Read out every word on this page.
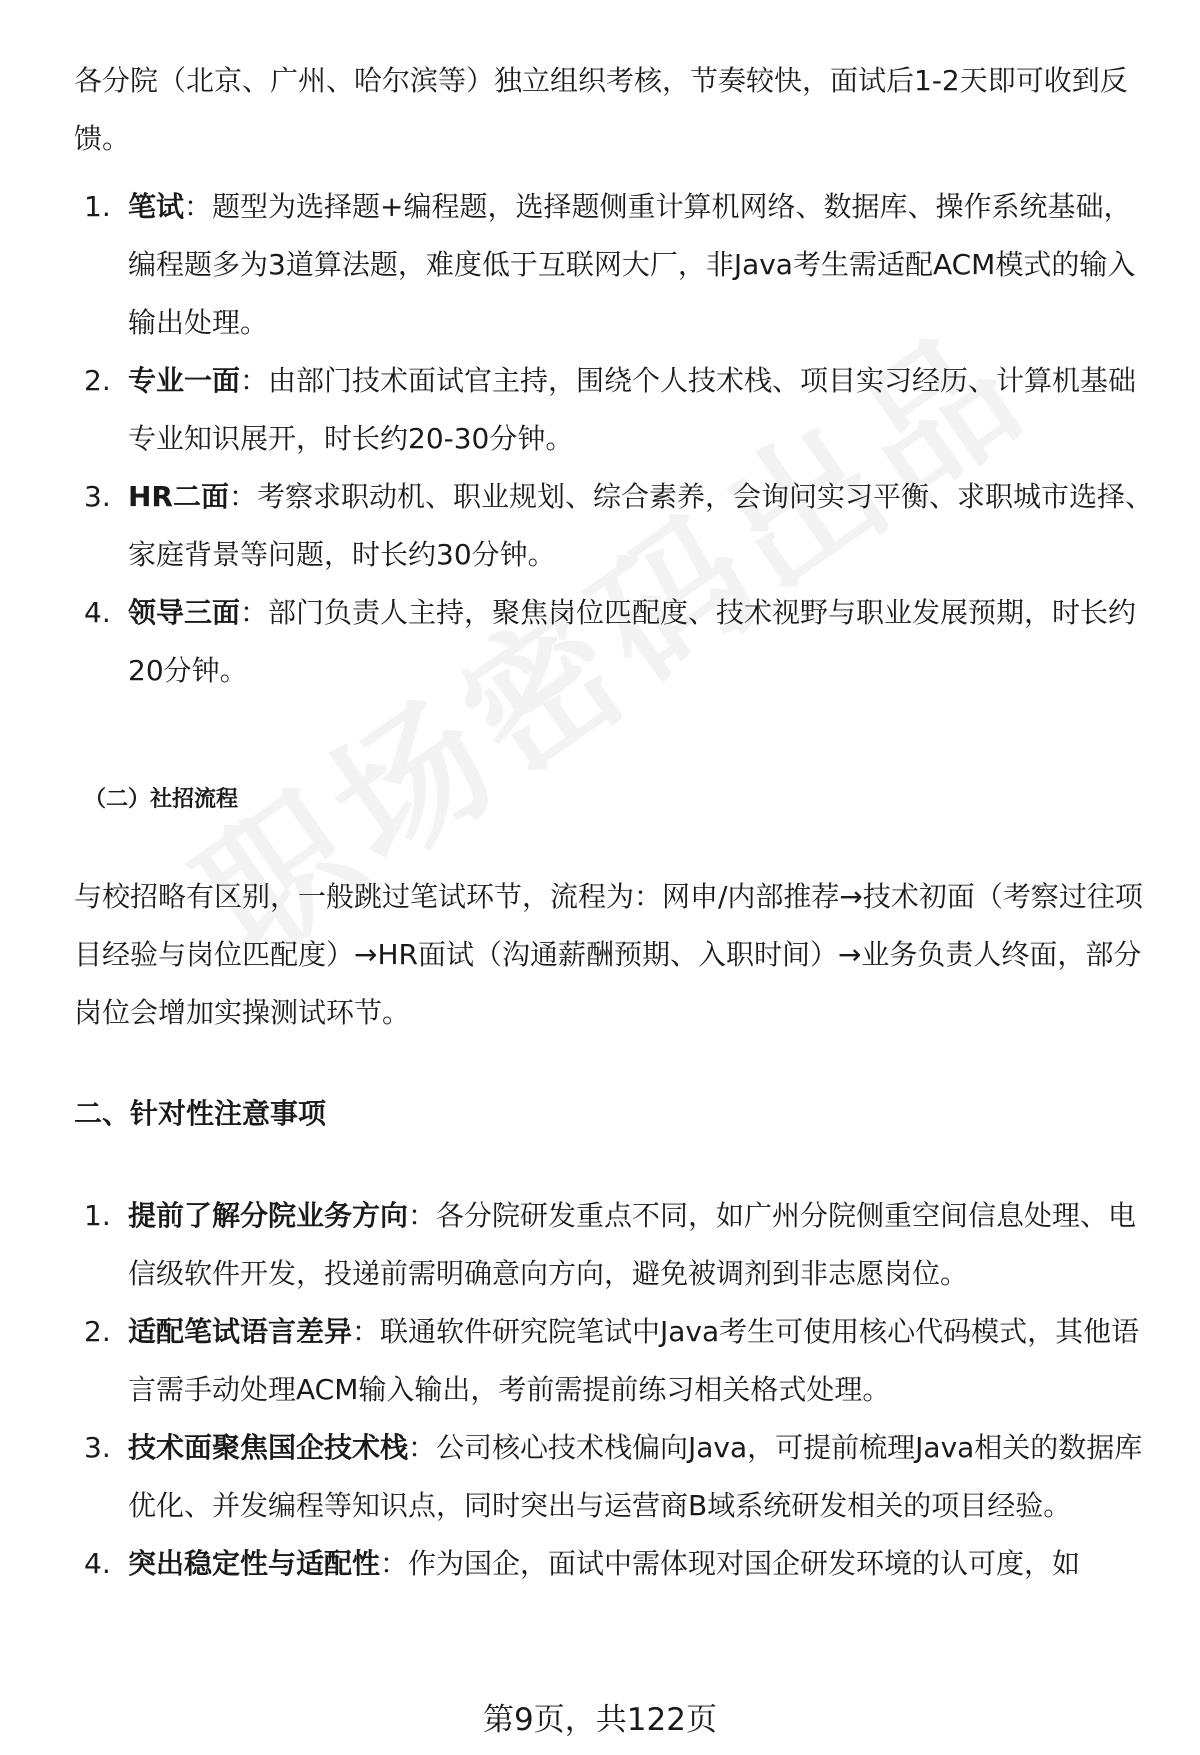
各分院（北京、广州、哈尔滨等）独立组织考核，节奏较快，面试后1-2天即可收到反馈。

1. 笔试：题型为选择题+编程题，选择题侧重计算机网络、数据库、操作系统基础，编程题多为3道算法题，难度低于互联网大厂，非Java考生需适配ACM模式的输入输出处理。
2. 专业一面：由部门技术面试官主持，围绕个人技术栈、项目实习经历、计算机基础专业知识展开，时长约20-30分钟。
3. HR二面：考察求职动机、职业规划、综合素养，会询问实习平衡、求职城市选择、家庭背景等问题，时长约30分钟。
4. 领导三面：部门负责人主持，聚焦岗位匹配度、技术视野与职业发展预期，时长约20分钟。

（二）社招流程

与校招略有区别，一般跳过笔试环节，流程为：网申/内部推荐→技术初面（考察过往项目经验与岗位匹配度）→HR面试（沟通薪酬预期、入职时间）→业务负责人终面，部分岗位会增加实操测试环节。

二、针对性注意事项

1. 提前了解分院业务方向：各分院研发重点不同，如广州分院侧重空间信息处理、电信级软件开发，投递前需明确意向方向，避免被调剂到非志愿岗位。
2. 适配笔试语言差异：联通软件研究院笔试中Java考生可使用核心代码模式，其他语言需手动处理ACM输入输出，考前需提前练习相关格式处理。
3. 技术面聚焦国企技术栈：公司核心技术栈偏向Java，可提前梳理Java相关的数据库优化、并发编程等知识点，同时突出与运营商B域系统研发相关的项目经验。
4. 突出稳定性与适配性：作为国企，面试中需体现对国企研发环境的认可度，如

第9页，共122页
